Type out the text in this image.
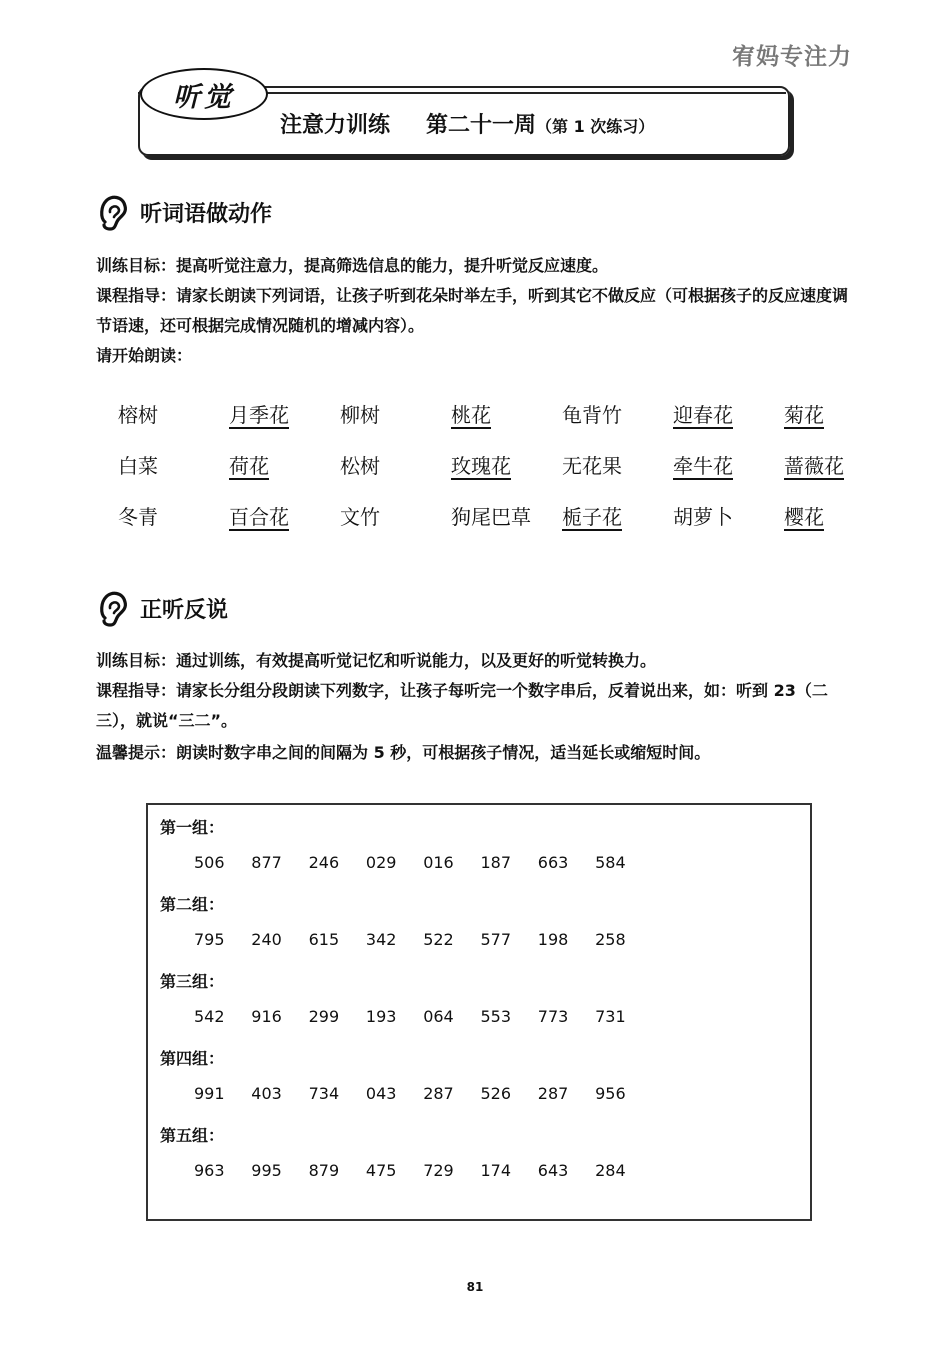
宥妈专注力
听觉
注意力训练 第二十一周（第 1 次练习）
听词语做动作
训练目标：提高听觉注意力，提高筛选信息的能力，提升听觉反应速度。
课程指导：请家长朗读下列词语，让孩子听到花朵时举左手，听到其它不做反应（可根据孩子的反应速度调节语速，还可根据完成情况随机的增减内容）。
请开始朗读：
榕树	月季花	柳树	桃花	龟背竹	迎春花	菊花
白菜	荷花	松树	玫瑰花	无花果	牵牛花	蔷薇花
冬青	百合花	文竹	狗尾巴草	栀子花	胡萝卜	樱花
正听反说
训练目标：通过训练，有效提高听觉记忆和听说能力，以及更好的听觉转换力。
课程指导：请家长分组分段朗读下列数字，让孩子每听完一个数字串后，反着说出来，如：听到 23（二三），就说“三二”。
温馨提示：朗读时数字串之间的间隔为 5 秒，可根据孩子情况，适当延长或缩短时间。
第一组：
506	877	246	029	016	187	663	584
第二组：
795	240	615	342	522	577	198	258
第三组：
542	916	299	193	064	553	773	731
第四组：
991	403	734	043	287	526	287	956
第五组：
963	995	879	475	729	174	643	284
81
